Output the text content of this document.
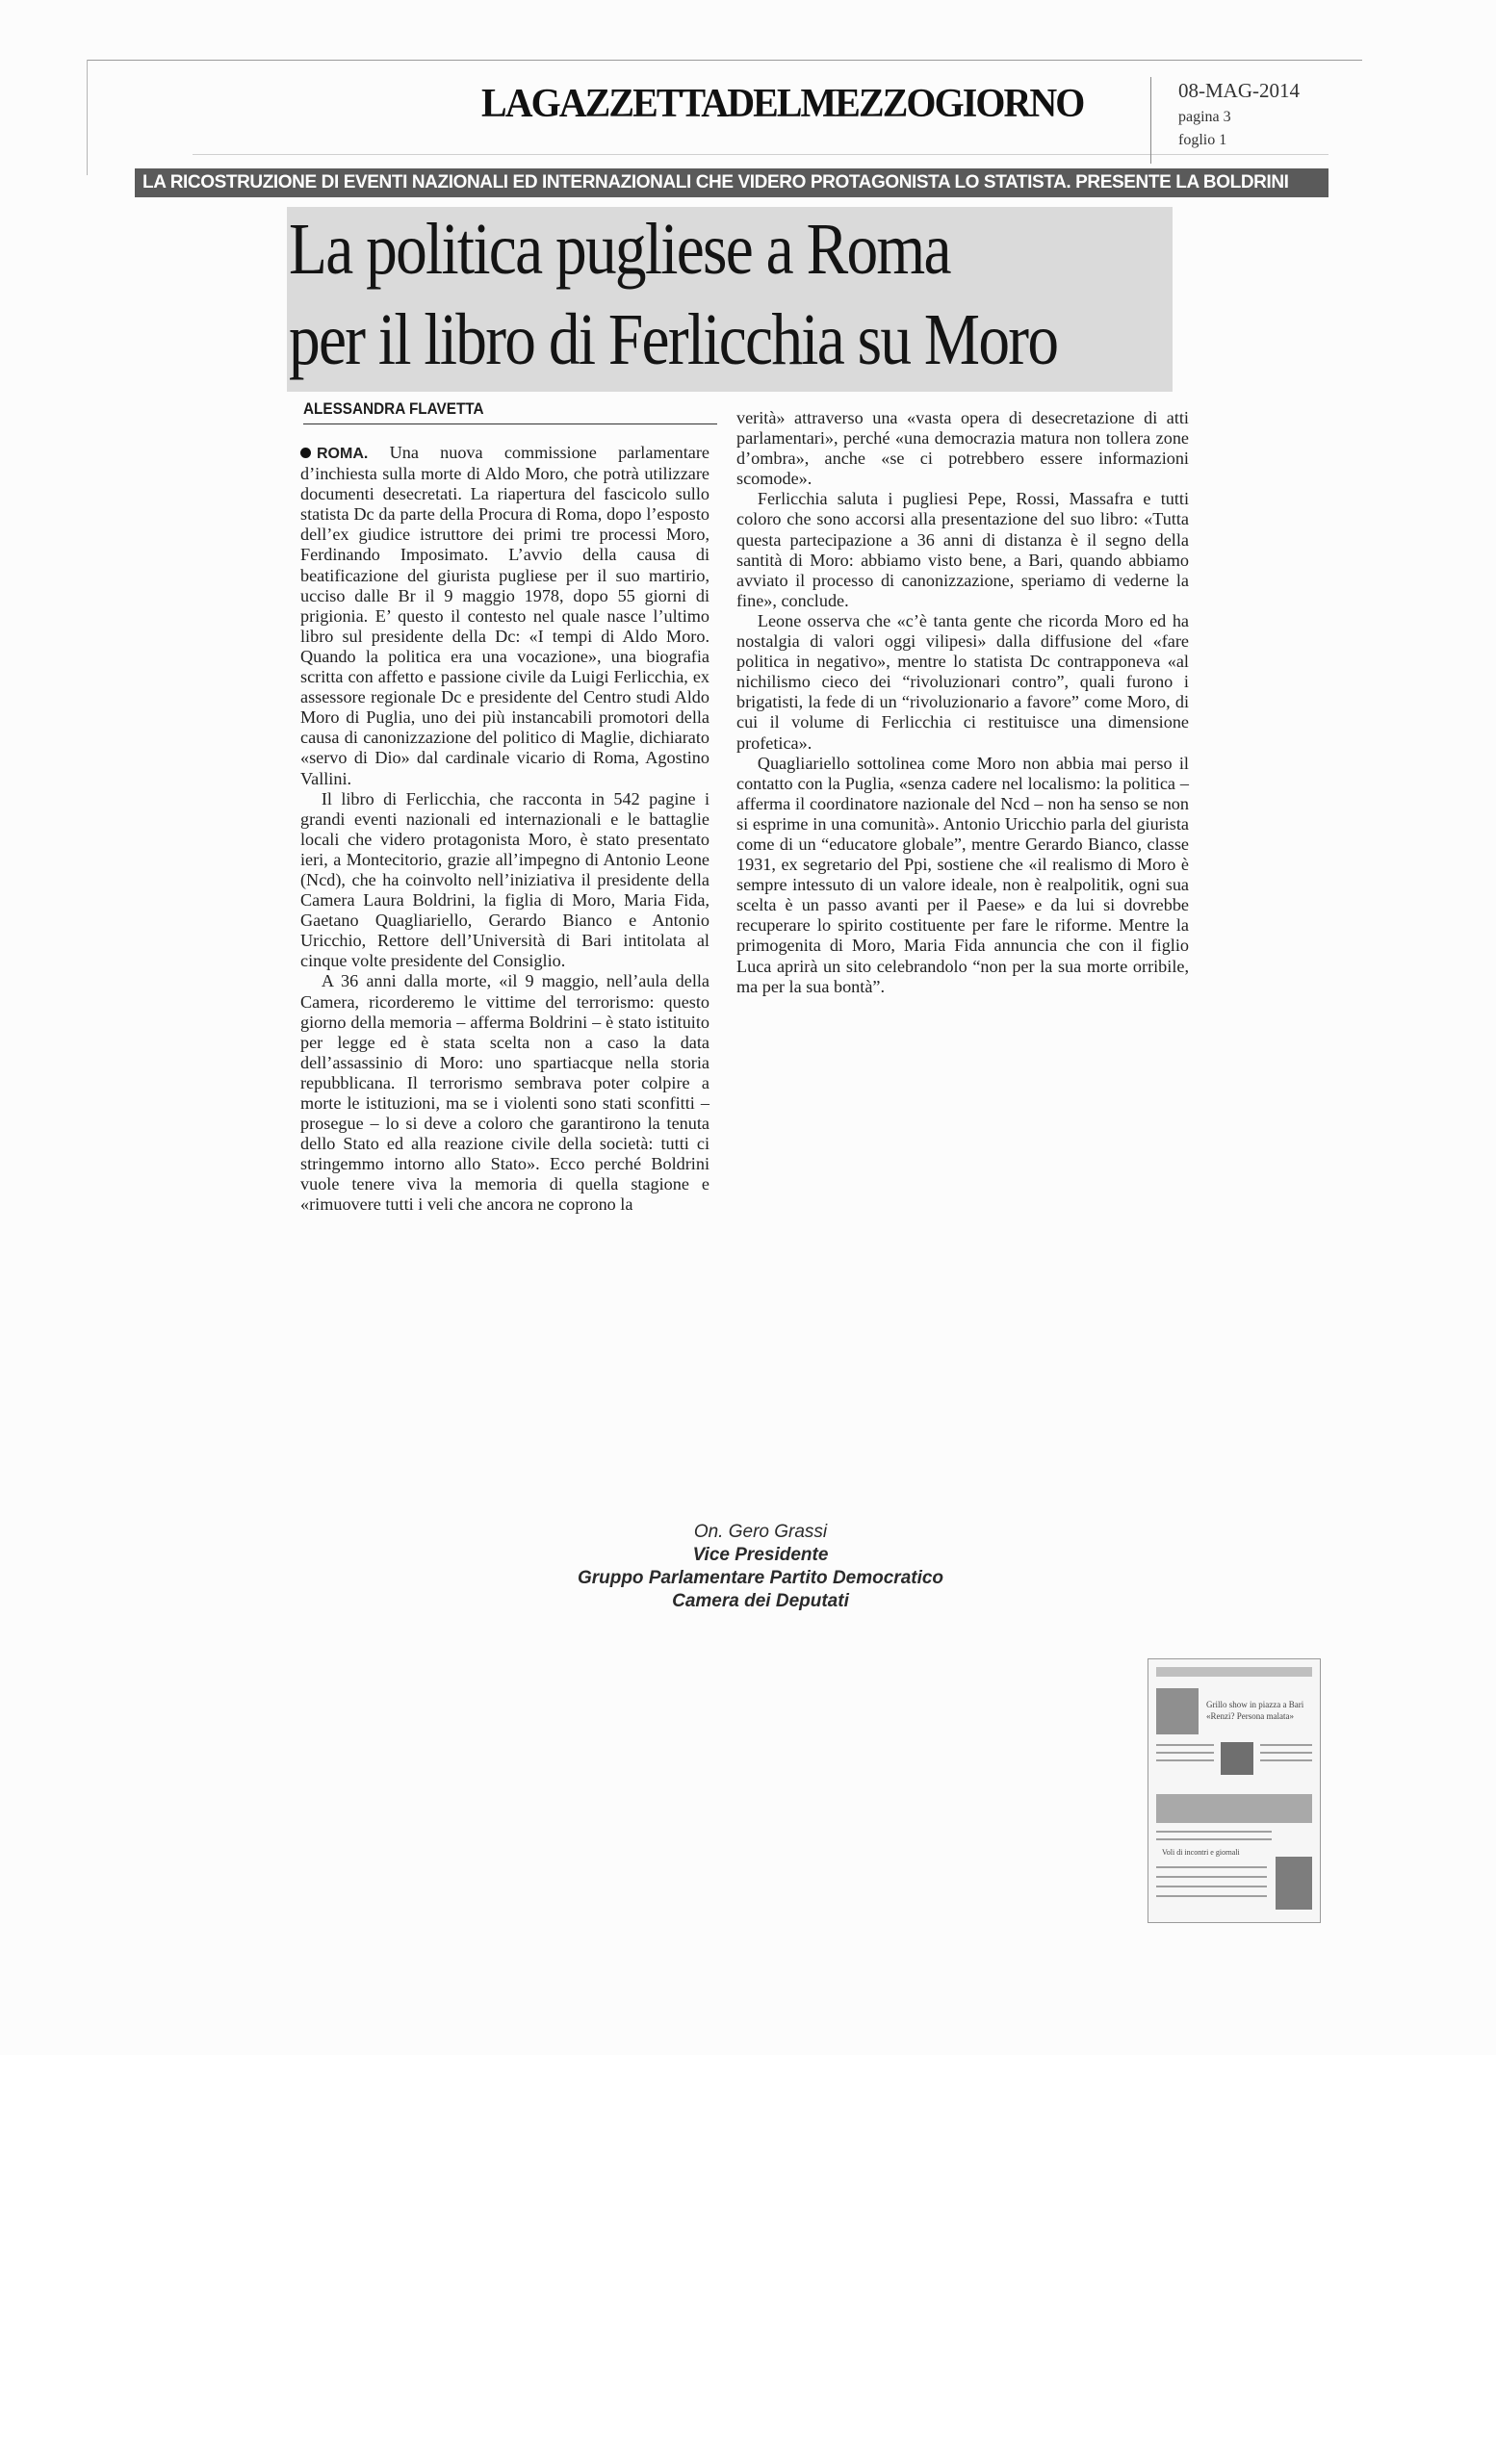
LAGAZZETTADELMEZZOGIORNO	08-MAG-2014
pagina 3
foglio 1
LA RICOSTRUZIONE DI EVENTI NAZIONALI ED INTERNAZIONALI CHE VIDERO PROTAGONISTA LO STATISTA. PRESENTE LA BOLDRINI
La politica pugliese a Roma
per il libro di Ferlicchia su Moro
ALESSANDRA FLAVETTA

ROMA. Una nuova commissione parlamentare d’inchiesta sulla morte di Aldo Moro, che potrà utilizzare documenti desecretati. La riapertura del fascicolo sullo statista Dc da parte della Procura di Roma, dopo l’esposto dell’ex giudice istruttore dei primi tre processi Moro, Ferdinando Imposimato. L’avvio della causa di beatificazione del giurista pugliese per il suo martirio, ucciso dalle Br il 9 maggio 1978, dopo 55 giorni di prigionia. E’ questo il contesto nel quale nasce l’ultimo libro sul presidente della Dc: «I tempi di Aldo Moro. Quando la politica era una vocazione», una biografia scritta con affetto e passione civile da Luigi Ferlicchia, ex assessore regionale Dc e presidente del Centro studi Aldo Moro di Puglia, uno dei più instancabili promotori della causa di canonizzazione del politico di Maglie, dichiarato «servo di Dio» dal cardinale vicario di Roma, Agostino Vallini.

Il libro di Ferlicchia, che racconta in 542 pagine i grandi eventi nazionali ed internazionali e le battaglie locali che videro protagonista Moro, è stato presentato ieri, a Montecitorio, grazie all’impegno di Antonio Leone (Ncd), che ha coinvolto nell’iniziativa il presidente della Camera Laura Boldrini, la figlia di Moro, Maria Fida, Gaetano Quagliariello, Gerardo Bianco e Antonio Uricchio, Rettore dell’Università di Bari intitolata al cinque volte presidente del Consiglio.

A 36 anni dalla morte, «il 9 maggio, nell’aula della Camera, ricorderemo le vittime del terrorismo: questo giorno della memoria – afferma Boldrini – è stato istituito per legge ed è stata scelta non a caso la data dell’assassinio di Moro: uno spartiacque nella storia repubblicana. Il terrorismo sembrava poter colpire a morte le istituzioni, ma se i violenti sono stati sconfitti – prosegue – lo si deve a coloro che garantirono la tenuta dello Stato ed alla reazione civile della società: tutti ci stringemmo intorno allo Stato». Ecco perché Boldrini vuole tenere viva la memoria di quella stagione e «rimuovere tutti i veli che ancora ne coprono la

verità» attraverso una «vasta opera di desecretazione di atti parlamentari», perché «una democrazia matura non tollera zone d’ombra», anche «se ci potrebbero essere informazioni scomode».

Ferlicchia saluta i pugliesi Pepe, Rossi, Massafra e tutti coloro che sono accorsi alla presentazione del suo libro: «Tutta questa partecipazione a 36 anni di distanza è il segno della santità di Moro: abbiamo visto bene, a Bari, quando abbiamo avviato il processo di canonizzazione, speriamo di vederne la fine», conclude.

Leone osserva che «c’è tanta gente che ricorda Moro ed ha nostalgia di valori oggi vilipesi» dalla diffusione del «fare politica in negativo», mentre lo statista Dc contrapponeva «al nichilismo cieco dei “rivoluzionari contro”, quali furono i brigatisti, la fede di un “rivoluzionario a favore” come Moro, di cui il volume di Ferlicchia ci restituisce una dimensione profetica».

Quagliariello sottolinea come Moro non abbia mai perso il contatto con la Puglia, «senza cadere nel localismo: la politica – afferma il coordinatore nazionale del Ncd – non ha senso se non si esprime in una comunità». Antonio Uricchio parla del giurista come di un “educatore globale”, mentre Gerardo Bianco, classe 1931, ex segretario del Ppi, sostiene che «il realismo di Moro è sempre intessuto di un valore ideale, non è realpolitik, ogni sua scelta è un passo avanti per il Paese» e da lui si dovrebbe recuperare lo spirito costituente per fare le riforme. Mentre la primogenita di Moro, Maria Fida annuncia che con il figlio Luca aprirà un sito celebrandolo “non per la sua morte orribile, ma per la sua bontà”.

On. Gero Grassi
Vice Presidente
Gruppo Parlamentare Partito Democratico
Camera dei Deputati
Grillo show in piazza a Bari
«Renzi? Persona malata»
Voli di incontri e giornali
